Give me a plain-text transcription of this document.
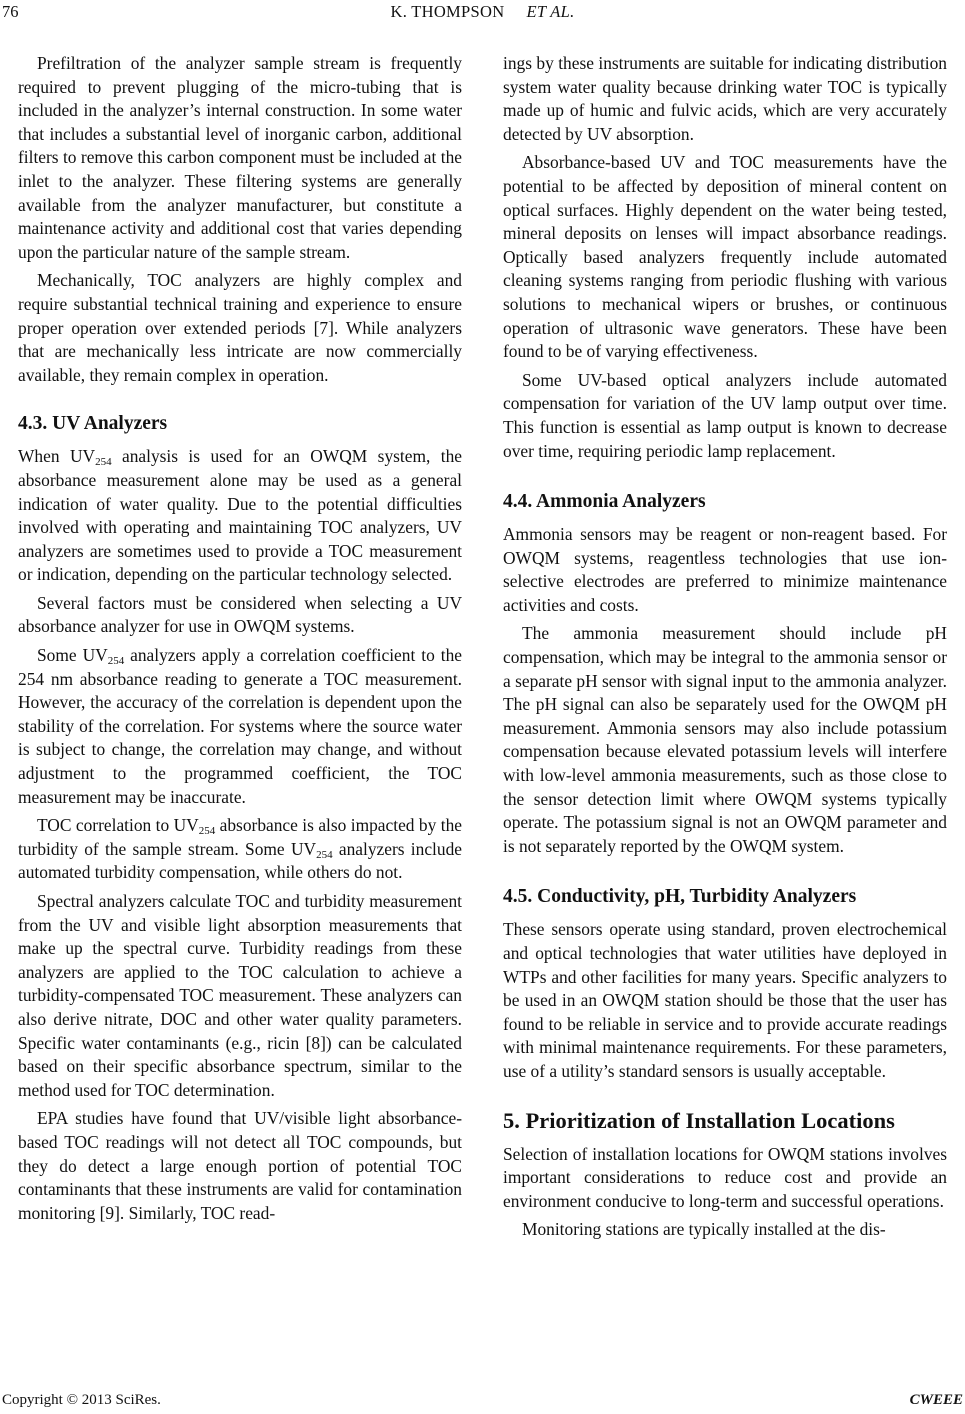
76	K. THOMPSON ET AL.

Prefiltration of the analyzer sample stream is frequently required to prevent plugging of the micro-tubing that is included in the analyzer’s internal construction. In some water that includes a substantial level of inorganic carbon, additional filters to remove this carbon component must be included at the inlet to the analyzer. These filtering systems are generally available from the analyzer manufacturer, but constitute a maintenance activity and additional cost that varies depending upon the particular nature of the sample stream.

Mechanically, TOC analyzers are highly complex and require substantial technical training and experience to ensure proper operation over extended periods [7]. While analyzers that are mechanically less intricate are now commercially available, they remain complex in operation.

4.3. UV Analyzers

When $UV_{254}$ analysis is used for an OWQM system, the absorbance measurement alone may be used as a general indication of water quality. Due to the potential difficulties involved with operating and maintaining TOC analyzers, UV analyzers are sometimes used to provide a TOC measurement or indication, depending on the particular technology selected.

Several factors must be considered when selecting a UV absorbance analyzer for use in OWQM systems.

Some $UV_{254}$ analyzers apply a correlation coefficient to the 254 nm absorbance reading to generate a TOC measurement. However, the accuracy of the correlation is dependent upon the stability of the correlation. For systems where the source water is subject to change, the correlation may change, and without adjustment to the programmed coefficient, the TOC measurement may be inaccurate.

TOC correlation to $UV_{254}$ absorbance is also impacted by the turbidity of the sample stream. Some $UV_{254}$ analyzers include automated turbidity compensation, while others do not.

Spectral analyzers calculate TOC and turbidity measurement from the UV and visible light absorption measurements that make up the spectral curve. Turbidity readings from these analyzers are applied to the TOC calculation to achieve a turbidity-compensated TOC measurement. These analyzers can also derive nitrate, DOC and other water quality parameters. Specific water contaminants (e.g., ricin [8]) can be calculated based on their specific absorbance spectrum, similar to the method used for TOC determination.

EPA studies have found that UV/visible light absorbance-based TOC readings will not detect all TOC compounds, but they do detect a large enough portion of potential TOC contaminants that these instruments are valid for contamination monitoring [9]. Similarly, TOC read-

ings by these instruments are suitable for indicating distribution system water quality because drinking water TOC is typically made up of humic and fulvic acids, which are very accurately detected by UV absorption.

Absorbance-based UV and TOC measurements have the potential to be affected by deposition of mineral content on optical surfaces. Highly dependent on the water being tested, mineral deposits on lenses will impact absorbance readings. Optically based analyzers frequently include automated cleaning systems ranging from periodic flushing with various solutions to mechanical wipers or brushes, or continuous operation of ultrasonic wave generators. These have been found to be of varying effectiveness.

Some UV-based optical analyzers include automated compensation for variation of the UV lamp output over time. This function is essential as lamp output is known to decrease over time, requiring periodic lamp replacement.

4.4. Ammonia Analyzers

Ammonia sensors may be reagent or non-reagent based. For OWQM systems, reagentless technologies that use ion-selective electrodes are preferred to minimize maintenance activities and costs.

The ammonia measurement should include pH compensation, which may be integral to the ammonia sensor or a separate pH sensor with signal input to the ammonia analyzer. The pH signal can also be separately used for the OWQM pH measurement. Ammonia sensors may also include potassium compensation because elevated potassium levels will interfere with low-level ammonia measurements, such as those close to the sensor detection limit where OWQM systems typically operate. The potassium signal is not an OWQM parameter and is not separately reported by the OWQM system.

4.5. Conductivity, pH, Turbidity Analyzers

These sensors operate using standard, proven electrochemical and optical technologies that water utilities have deployed in WTPs and other facilities for many years. Specific analyzers to be used in an OWQM station should be those that the user has found to be reliable in service and to provide accurate readings with minimal maintenance requirements. For these parameters, use of a utility’s standard sensors is usually acceptable.

5. Prioritization of Installation Locations

Selection of installation locations for OWQM stations involves important considerations to reduce cost and provide an environment conducive to long-term and successful operations.

Monitoring stations are typically installed at the dis-

Copyright © 2013 SciRes.	CWEEE
